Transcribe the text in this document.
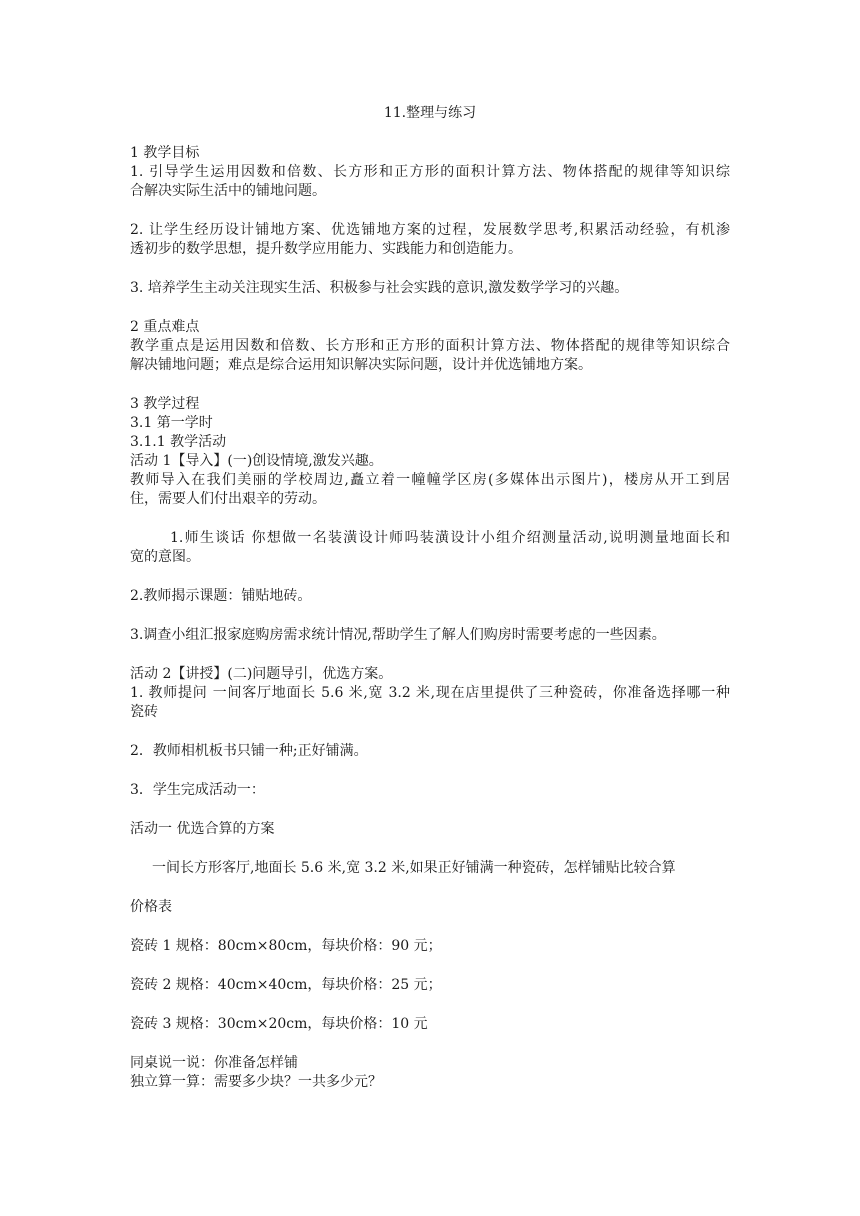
11.整理与练习
1 教学目标
1. 引导学生运用因数和倍数、长方形和正方形的面积计算方法、物体搭配的规律等知识综
合解决实际生活中的铺地问题。
2. 让学生经历设计铺地方案、优选铺地方案的过程，发展数学思考,积累活动经验，有机渗
透初步的数学思想，提升数学应用能力、实践能力和创造能力。
3. 培养学生主动关注现实生活、积极参与社会实践的意识,激发数学学习的兴趣。
2 重点难点
教学重点是运用因数和倍数、长方形和正方形的面积计算方法、物体搭配的规律等知识综合
解决铺地问题；难点是综合运用知识解决实际问题，设计并优选铺地方案。
3 教学过程
3.1 第一学时
3.1.1 教学活动
活动 1【导入】(一)创设情境,激发兴趣。
教师导入在我们美丽的学校周边,矗立着一幢幢学区房(多媒体出示图片)，楼房从开工到居
住，需要人们付出艰辛的劳动。
1.师生谈话 你想做一名装潢设计师吗装潢设计小组介绍测量活动,说明测量地面长和
宽的意图。
2.教师揭示课题：铺贴地砖。
3.调查小组汇报家庭购房需求统计情况,帮助学生了解人们购房时需要考虑的一些因素。
活动 2【讲授】(二)问题导引，优选方案。
1. 教师提问 一间客厅地面长 5.6 米,宽 3.2 米,现在店里提供了三种瓷砖，你准备选择哪一种
瓷砖
2．教师相机板书只铺一种;正好铺满。
3．学生完成活动一：
活动一 优选合算的方案
一间长方形客厅,地面长 5.6 米,宽 3.2 米,如果正好铺满一种瓷砖，怎样铺贴比较合算
价格表
瓷砖 1 规格：80cm×80cm，每块价格：90 元；
瓷砖 2 规格：40cm×40cm，每块价格：25 元；
瓷砖 3 规格：30cm×20cm，每块价格：10 元
同桌说一说：你准备怎样铺
独立算一算：需要多少块？一共多少元？
